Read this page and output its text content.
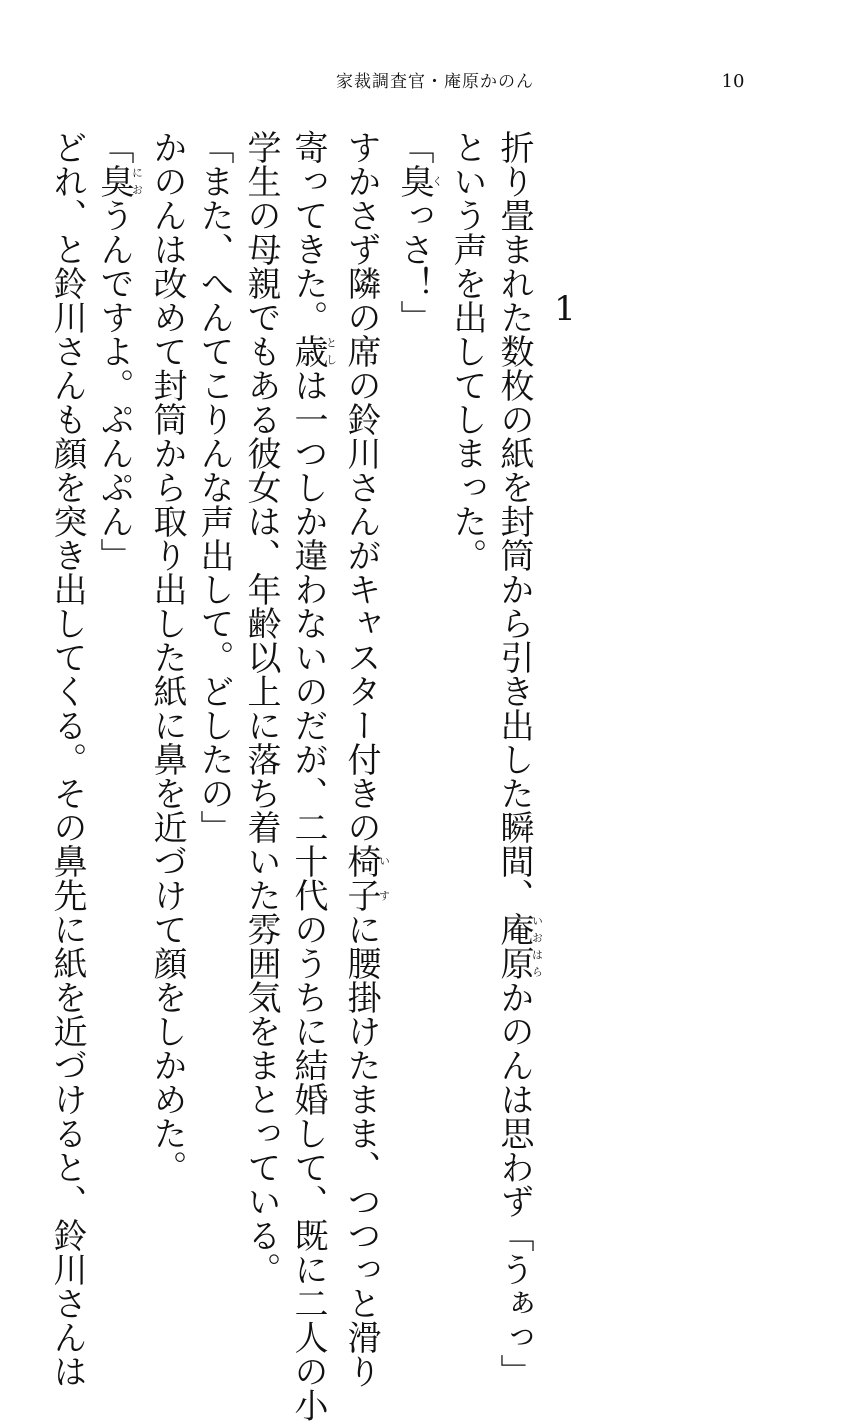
家裁調査官・庵原かのん	10
1
折り畳まれた数枚の紙を封筒から引き出した瞬間、庵原いおはらかのんは思わず「うぁっ」
という声を出してしまった。
「臭くっさ！」
すかさず隣の席の鈴川さんがキャスター付きの椅子いすに腰掛けたまま、つつっと滑り
寄ってきた。歳としは一つしか違わないのだが、二十代のうちに結婚して、既に二人の小
学生の母親でもある彼女は、年齢以上に落ち着いた雰囲気をまとっている。
「また、へんてこりんな声出して。どしたの」
かのんは改めて封筒から取り出した紙に鼻を近づけて顔をしかめた。
「臭におうんですよ。ぷんぷん」
どれ、と鈴川さんも顔を突き出してくる。その鼻先に紙を近づけると、鈴川さんは
